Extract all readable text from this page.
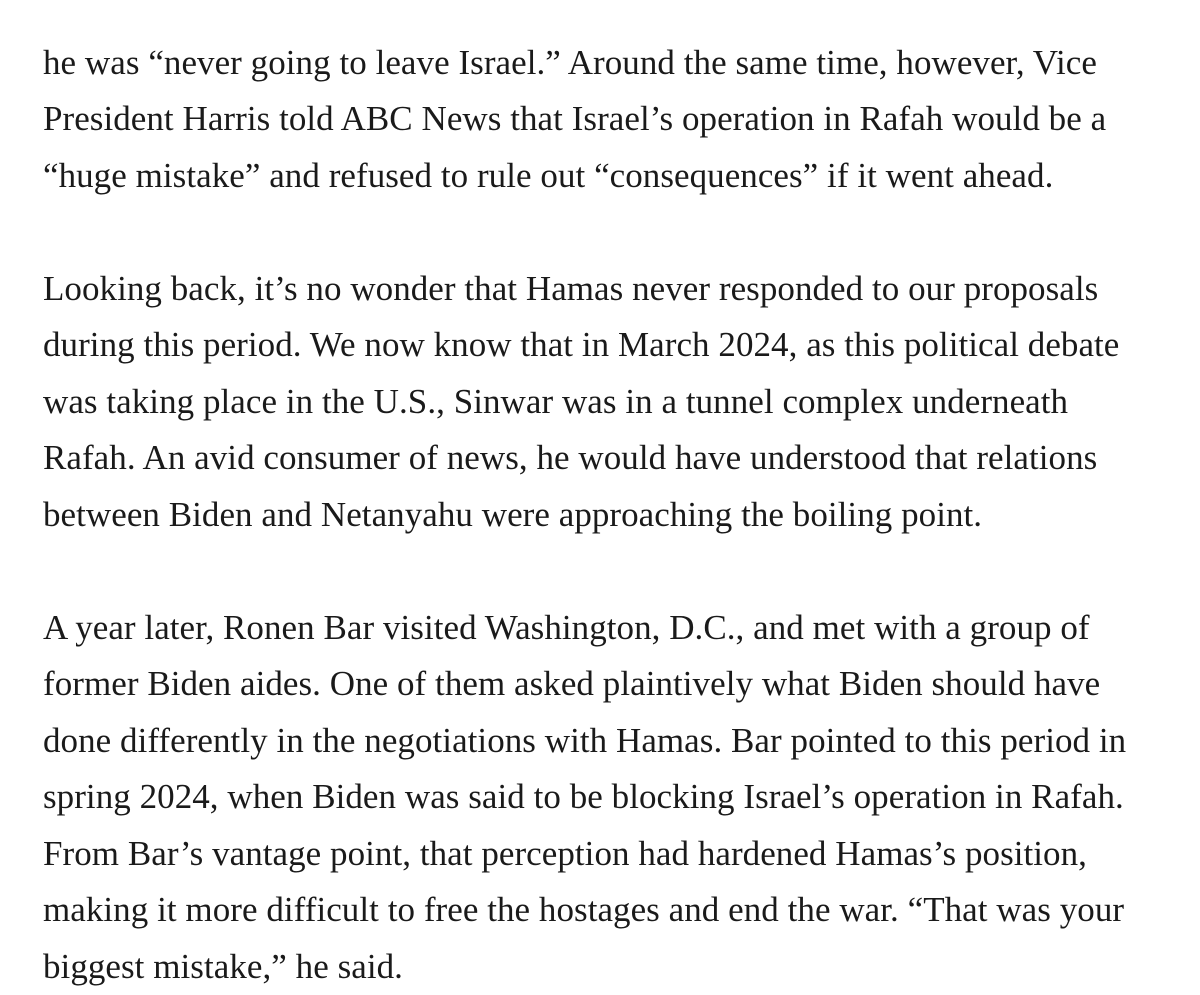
he was “never going to leave Israel.” Around the same time, however, Vice
President Harris told ABC News that Israel’s operation in Rafah would be a
“huge mistake” and refused to rule out “consequences” if it went ahead.

Looking back, it’s no wonder that Hamas never responded to our proposals
during this period. We now know that in March 2024, as this political debate
was taking place in the U.S., Sinwar was in a tunnel complex underneath
Rafah. An avid consumer of news, he would have understood that relations
between Biden and Netanyahu were approaching the boiling point.

A year later, Ronen Bar visited Washington, D.C., and met with a group of
former Biden aides. One of them asked plaintively what Biden should have
done differently in the negotiations with Hamas. Bar pointed to this period in
spring 2024, when Biden was said to be blocking Israel’s operation in Rafah.
From Bar’s vantage point, that perception had hardened Hamas’s position,
making it more difficult to free the hostages and end the war. “That was your
biggest mistake,” he said.
